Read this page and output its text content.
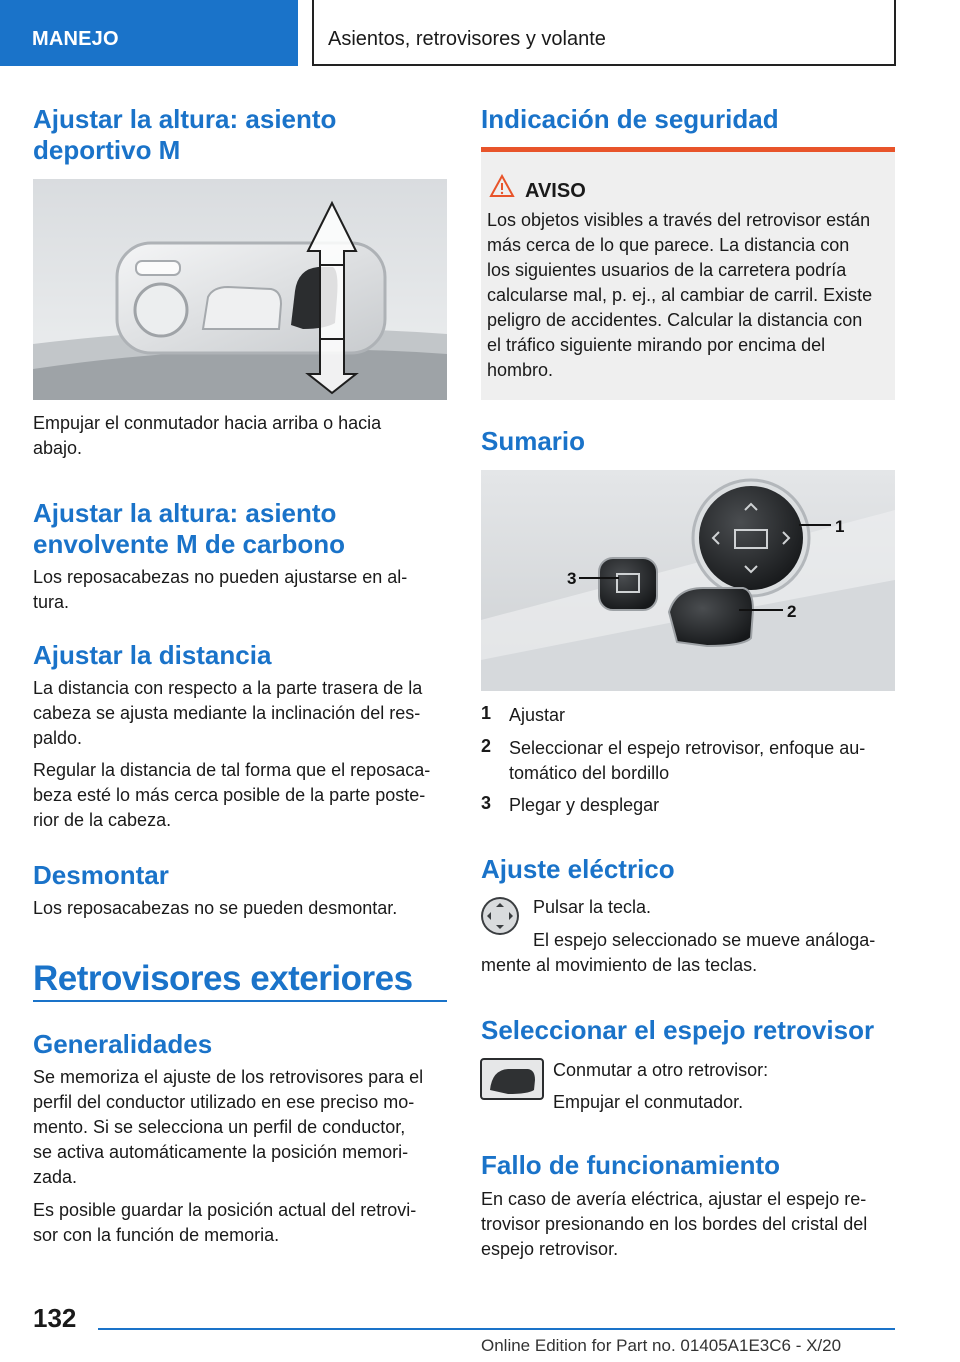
MANEJO	Asientos, retrovisores y volante
Ajustar la altura: asiento
deportivo M

Empujar el conmutador hacia arriba o hacia
abajo.

Ajustar la altura: asiento
envolvente M de carbono

Los reposacabezas no pueden ajustarse en al‐
tura.

Ajustar la distancia

La distancia con respecto a la parte trasera de la
cabeza se ajusta mediante la inclinación del res‐
paldo.

Regular la distancia de tal forma que el reposaca‐
beza esté lo más cerca posible de la parte poste‐
rior de la cabeza.

Desmontar

Los reposacabezas no se pueden desmontar.

Retrovisores exteriores
Generalidades

Se memoriza el ajuste de los retrovisores para el
perfil del conductor utilizado en ese preciso mo‐
mento. Si se selecciona un perfil de conductor,
se activa automáticamente la posición memori‐
zada.

Es posible guardar la posición actual del retrovi‐
sor con la función de memoria.

Indicación de seguridad
AVISO
Los objetos visibles a través del retrovisor están
más cerca de lo que parece. La distancia con
los siguientes usuarios de la carretera podría
calcularse mal, p. ej., al cambiar de carril. Existe
peligro de accidentes. Calcular la distancia con
el tráfico siguiente mirando por encima del
hombro.
Sumario
1
2
3
1 Ajustar

2 Seleccionar el espejo retrovisor, enfoque au‐
tomático del bordillo

3 Plegar y desplegar

Ajuste eléctrico

Pulsar la tecla.

El espejo seleccionado se mueve análoga‐

mente al movimiento de las teclas.

Seleccionar el espejo retrovisor

Conmutar a otro retrovisor:

Empujar el conmutador.

Fallo de funcionamiento

En caso de avería eléctrica, ajustar el espejo re‐
trovisor presionando en los bordes del cristal del
espejo retrovisor.

132
Online Edition for Part no. 01405A1E3C6 - X/20
